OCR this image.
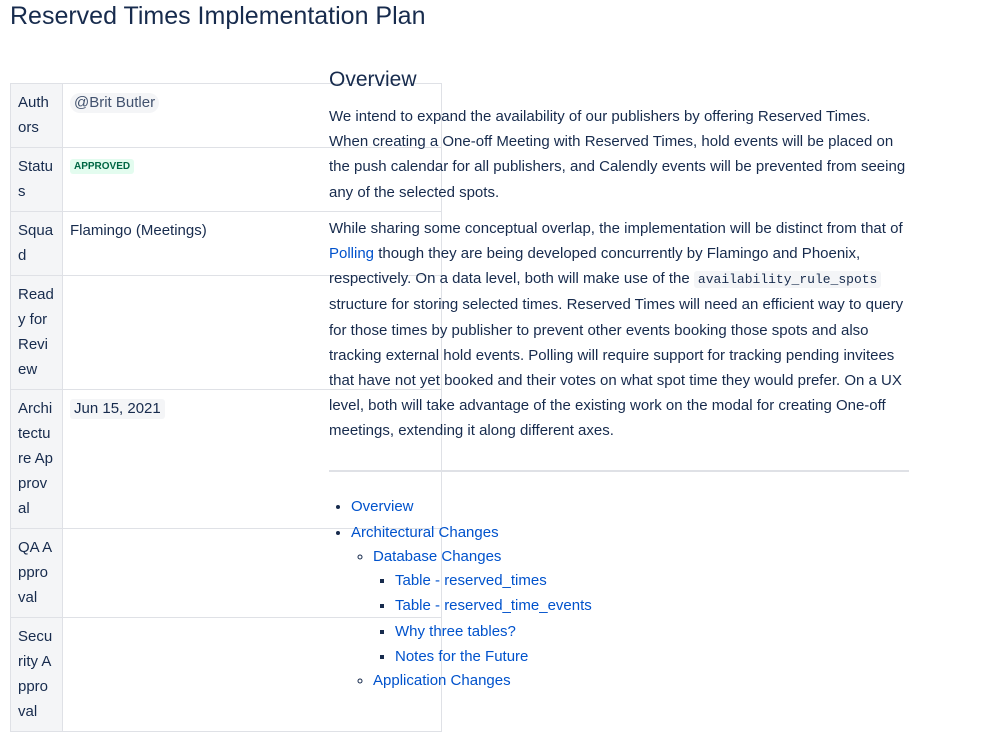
Reserved Times Implementation Plan
Authors	@Brit Butler
Status	APPROVED
Squad	Flamingo (Meetings)
Ready for Review	
Architecture Approval	Jun 15, 2021
QA Approval	
Security Approval	
Overview

We intend to expand the availability of our publishers by offering Reserved Times. When creating a One-off Meeting with Reserved Times, hold events will be placed on the push calendar for all publishers, and Calendly events will be prevented from seeing any of the selected spots.

While sharing some conceptual overlap, the implementation will be distinct from that of Polling though they are being developed concurrently by Flamingo and Phoenix, respectively. On a data level, both will make use of the availability_rule_spots structure for storing selected times. Reserved Times will need an efficient way to query for those times by publisher to prevent other events booking those spots and also tracking external hold events. Polling will require support for tracking pending invitees that have not yet booked and their votes on what spot time they would prefer. On a UX level, both will take advantage of the existing work on the modal for creating One-off meetings, extending it along different axes.

• Overview
• Architectural Changes
◦ Database Changes
▪ Table - reserved_times
▪ Table - reserved_time_events
▪ Why three tables?
▪ Notes for the Future
◦ Application Changes
